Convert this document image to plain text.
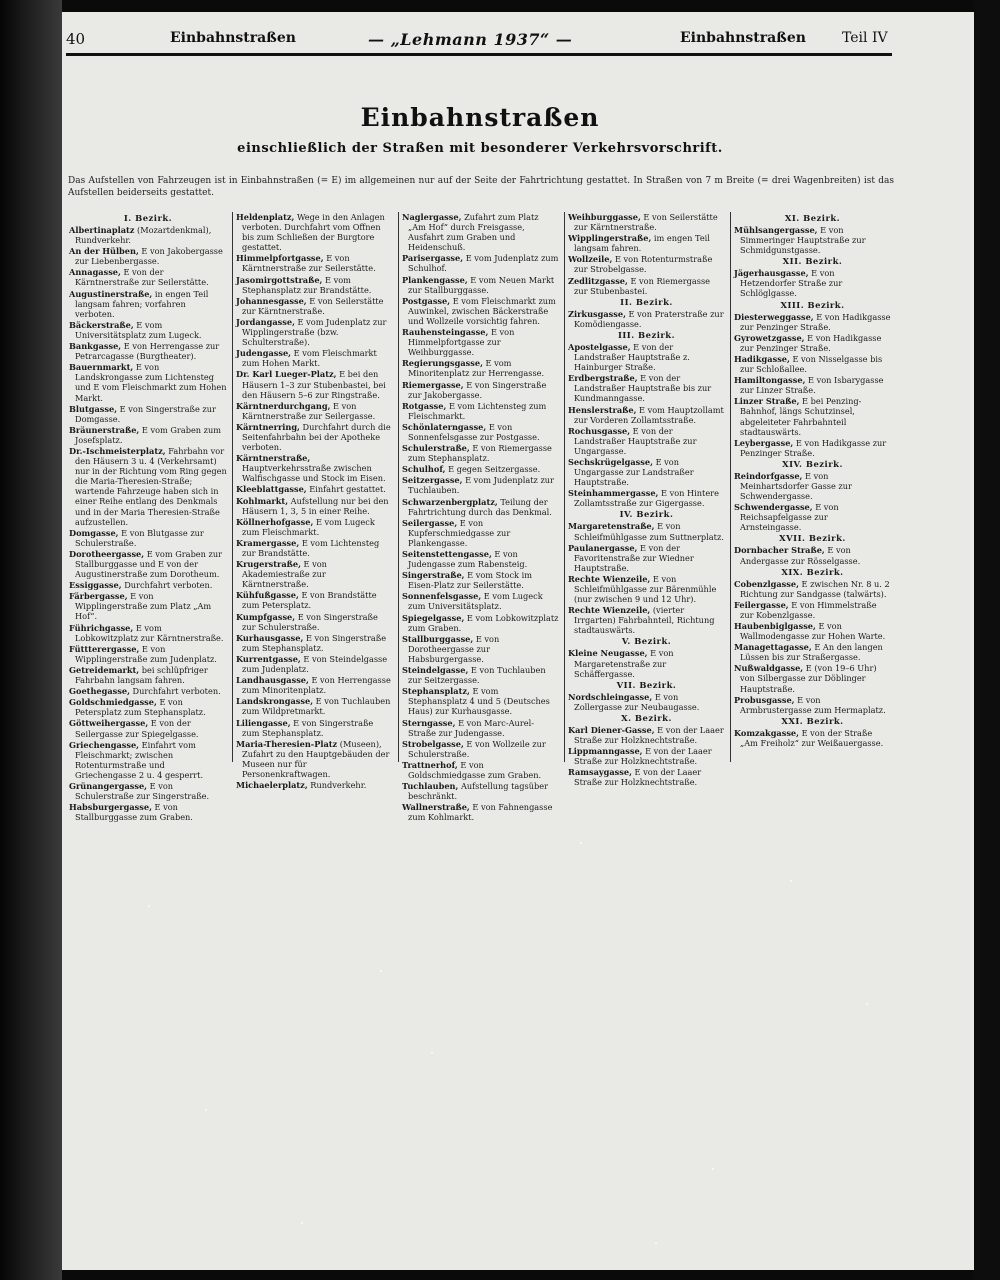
40	Einbahnstraßen	— „Lehmann 1937“ —	Einbahnstraßen	Teil IV
Einbahnstraßen
einschließlich der Straßen mit besonderer Verkehrsvorschrift.
Das Aufstellen von Fahrzeugen ist in Einbahnstraßen (= E) im allgemeinen nur auf der Seite der Fahrtrichtung gestattet. In Straßen von 7 m Breite (= drei Wagenbreiten) ist das Aufstellen beiderseits gestattet.
I. Bezirk.
Albertinaplatz (Mozartdenkmal), Rundverkehr.
An der Hülben, E von Jakobergasse zur Liebenbergasse.
Annagasse, E von der Kärntnerstraße zur Seilerstätte.
Augustinerstraße, in engen Teil langsam fahren; vorfahren verboten.
Bäckerstraße, E vom Universitätsplatz zum Lugeck.
Bankgasse, E von Herrengasse zur Petrarcagasse (Burgtheater).
Bauernmarkt, E von Landskrongasse zum Lichtensteg und E vom Fleischmarkt zum Hohen Markt.
Blutgasse, E von Singerstraße zur Domgasse.
Bräunerstraße, E vom Graben zum Josefsplatz.
Dr.-Ischmeisterplatz, Fahrbahn vor den Häusern 3 u. 4 (Verkehrsamt) nur in der Richtung vom Ring gegen die Maria-Theresien-Straße; wartende Fahrzeuge haben sich in einer Reihe entlang des Denkmals und in der Maria Theresien-Straße aufzustellen.
Domgasse, E von Blutgasse zur Schulerstraße.
Dorotheergasse, E vom Graben zur Stallburggasse und E von der Augustinerstraße zum Dorotheum.
Essiggasse, Durchfahrt verboten.
Färbergasse, E von Wipplingerstraße zum Platz „Am Hof“.
Führichgasse, E vom Lobkowitzplatz zur Kärntnerstraße.
Füttterergasse, E von Wipplingerstraße zum Judenplatz.
Getreidemarkt, bei schlüpfriger Fahrbahn langsam fahren.
Goethegasse, Durchfahrt verboten.
Goldschmiedgasse, E von Petersplatz zum Stephansplatz.
Göttweihergasse, E von der Seilergasse zur Spiegelgasse.
Griechengasse, Einfahrt vom Fleischmarkt; zwischen Rotenturmstraße und Griechengasse 2 u. 4 gesperrt.
Grünangergasse, E von Schulerstraße zur Singerstraße.
Habsburgergasse, E von Stallburggasse zum Graben.
Heldenplatz, Wege in den Anlagen verboten. Durchfahrt vom Offnen bis zum Schließen der Burgtore gestattet.
Himmelpfortgasse, E von Kärntnerstraße zur Seilerstätte.
Jasomirgottstraße, E vom Stephansplatz zur Brandstätte.
Johannesgasse, E von Seilerstätte zur Kärntnerstraße.
Jordangasse, E vom Judenplatz zur Wipplingerstraße (bzw. Schulterstraße).
Judengasse, E vom Fleischmarkt zum Hohen Markt.
Dr. Karl Lueger-Platz, E bei den Häusern 1–3 zur Stubenbastei, bei den Häusern 5–6 zur Ringstraße.
Kärntnerdurchgang, E von Kärntnerstraße zur Seilergasse.
Kärntnerring, Durchfahrt durch die Seitenfahrbahn bei der Apotheke verboten.
Kärntnerstraße, Hauptverkehrsstraße zwischen Walfischgasse und Stock im Eisen.
Kleeblattgasse, Einfahrt gestattet.
Kohlmarkt, Aufstellung nur bei den Häusern 1, 3, 5 in einer Reihe.
Köllnerhofgasse, E vom Lugeck zum Fleischmarkt.
Kramergasse, E vom Lichtensteg zur Brandstätte.
Krugerstraße, E von Akademiestraße zur Kärntnerstraße.
Kühfußgasse, E von Brandstätte zum Petersplatz.
Kumpfgasse, E von Singerstraße zur Schulerstraße.
Kurhausgasse, E von Singerstraße zum Stephansplatz.
Kurrentgasse, E von Steindelgasse zum Judenplatz.
Landhausgasse, E von Herrengasse zum Minoritenplatz.
Landskrongasse, E von Tuchlauben zum Wildpretmarkt.
Liliengasse, E von Singerstraße zum Stephansplatz.
Maria-Theresien-Platz (Museen), Zufahrt zu den Hauptgebäuden der Museen nur für Personenkraftwagen.
Michaelerplatz, Rundverkehr.
Naglergasse, Zufahrt zum Platz „Am Hof“ durch Freisgasse, Ausfahrt zum Graben und Heidenschuß.
Parisergasse, E vom Judenplatz zum Schulhof.
Plankengasse, E vom Neuen Markt zur Stallburggasse.
Postgasse, E vom Fleischmarkt zum Auwinkel, zwischen Bäckerstraße und Wollzeile vorsichtig fahren.
Rauhensteingasse, E von Himmelpfortgasse zur Weihburggasse.
Regierungsgasse, E vom Minoritenplatz zur Herrengasse.
Riemergasse, E von Singerstraße zur Jakobergasse.
Rotgasse, E vom Lichtensteg zum Fleischmarkt.
Schönlaterngasse, E von Sonnenfelsgasse zur Postgasse.
Schulerstraße, E von Riemergasse zum Stephansplatz.
Schulhof, E gegen Seitzergasse.
Seitzergasse, E vom Judenplatz zur Tuchlauben.
Schwarzenbergplatz, Teilung der Fahrtrichtung durch das Denkmal.
Seilergasse, E von Kupferschmiedgasse zur Plankengasse.
Seitenstettengasse, E von Judengasse zum Rabensteig.
Singerstraße, E vom Stock im Eisen-Platz zur Seilerstätte.
Sonnenfelsgasse, E vom Lugeck zum Universitätsplatz.
Spiegelgasse, E vom Lobkowitzplatz zum Graben.
Stallburggasse, E von Dorotheergasse zur Habsburgergasse.
Steindelgasse, E von Tuchlauben zur Seitzergasse.
Stephansplatz, E vom Stephansplatz 4 und 5 (Deutsches Haus) zur Kurhausgasse.
Sterngasse, E von Marc-Aurel-Straße zur Judengasse.
Strobelgasse, E von Wollzeile zur Schulerstraße.
Trattnerhof, E von Goldschmiedgasse zum Graben.
Tuchlauben, Aufstellung tagsüber beschränkt.
Wallnerstraße, E von Fahnengasse zum Kohlmarkt.
Weihburggasse, E von Seilerstätte zur Kärntnerstraße.
Wipplingerstraße, im engen Teil langsam fahren.
Wollzeile, E von Rotenturmstraße zur Strobelgasse.
Zedlitzgasse, E von Riemergasse zur Stubenbastei.
II. Bezirk.
Zirkusgasse, E von Praterstraße zur Komödiengasse.
III. Bezirk.
Apostelgasse, E von der Landstraßer Hauptstraße z. Hainburger Straße.
Erdbergstraße, E von der Landstraßer Hauptstraße bis zur Kundmanngasse.
Henslerstraße, E vom Hauptzollamt zur Vorderen Zollamtsstraße.
Rochusgasse, E von der Landstraßer Hauptstraße zur Ungargasse.
Sechskrügelgasse, E von Ungargasse zur Landstraßer Hauptstraße.
Steinhammergasse, E von Hintere Zollamtsstraße zur Gigergasse.
IV. Bezirk.
Margaretenstraße, E von Schleifmühlgasse zum Suttnerplatz.
Paulanergasse, E von der Favoritenstraße zur Wiedner Hauptstraße.
Rechte Wienzeile, E von Schleifmühlgasse zur Bärenmühle (nur zwischen 9 und 12 Uhr).
Rechte Wienzeile, (vierter Irrgarten) Fahrbahnteil, Richtung stadtauswärts.
V. Bezirk.
Kleine Neugasse, E von Margaretenstraße zur Schäffergasse.
VII. Bezirk.
Nordschleingasse, E von Zollergasse zur Neubaugasse.
X. Bezirk.
Karl Diener-Gasse, E von der Laaer Straße zur Holzknechtstraße.
Lippmanngasse, E von der Laaer Straße zur Holzknechtstraße.
Ramsaygasse, E von der Laaer Straße zur Holzknechtstraße.
XI. Bezirk.
Mühlsangergasse, E von Simmeringer Hauptstraße zur Schmidgunstgasse.
XII. Bezirk.
Jägerhausgasse, E von Hetzendorfer Straße zur Schlöglgasse.
XIII. Bezirk.
Diesterweggasse, E von Hadikgasse zur Penzinger Straße.
Gyrowetzgasse, E von Hadikgasse zur Penzinger Straße.
Hadikgasse, E von Nisselgasse bis zur Schloßallee.
Hamiltongasse, E von Isbarygasse zur Linzer Straße.
Linzer Straße, E bei Penzing-Bahnhof, längs Schutzinsel, abgeleiteter Fahrbahnteil stadtauswärts.
Leybergasse, E von Hadikgasse zur Penzinger Straße.
XIV. Bezirk.
Reindorfgasse, E von Meinhartsdorfer Gasse zur Schwendergasse.
Schwendergasse, E von Reichsapfelgasse zur Arnsteingasse.
XVII. Bezirk.
Dornbacher Straße, E von Andergasse zur Rösselgasse.
XIX. Bezirk.
Cobenzlgasse, E zwischen Nr. 8 u. 2 Richtung zur Sandgasse (talwärts).
Feilergasse, E von Himmelstraße zur Kobenzlgasse.
Haubenbiglgasse, E von Wallmodengasse zur Hohen Warte.
Managettagasse, E An den langen Lüssen bis zur Straßergasse.
Nußwaldgasse, E (von 19–6 Uhr) von Silbergasse zur Döblinger Hauptstraße.
Probusgasse, E von Armbrustergasse zum Hermaplatz.
XXI. Bezirk.
Komzakgasse, E von der Straße „Am Freiholz“ zur Weißauergasse.
